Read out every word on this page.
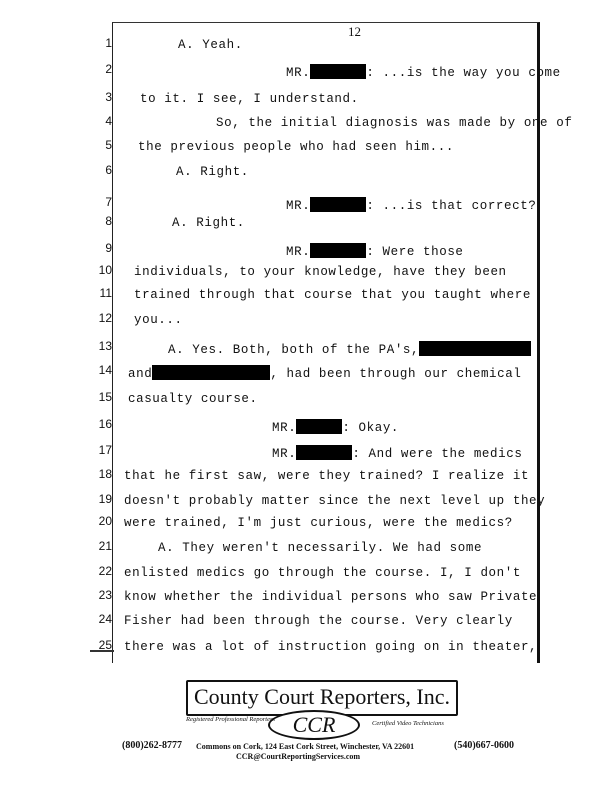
12
1	A. Yeah.
2	MR.	: ...is the way you come
3 to it. I see, I understand.
4	So, the initial diagnosis was made by one of
5 the previous people who had seen him...
6	A. Right.
7	MR.	: ...is that correct?
8	A. Right.
9	MR.	: Were those
10 individuals, to your knowledge, have they been
11 trained through that course that you taught where
12 you...
13	A. Yes. Both, both of the PA's,
14 and	, had been through our chemical
15 casualty course.
16	MR.	: Okay.
17	MR.	: And were the medics
18 that he first saw, were they trained? I realize it
19 doesn't probably matter since the next level up they
20 were trained, I'm just curious, were the medics?
21	A. They weren't necessarily. We had some
22 enlisted medics go through the course. I, I don't
23 know whether the individual persons who saw Private
24 Fisher had been through the course. Very clearly
25 there was a lot of instruction going on in theater,
County Court Reporters, Inc.
CCR
Registered Professional Reporters
Certified Video Technicians
(800)262-8777 Commons on Cork, 124 East Cork Street, Winchester, VA 22601	(540)667-0600
CCR@CourtReportingServices.com
